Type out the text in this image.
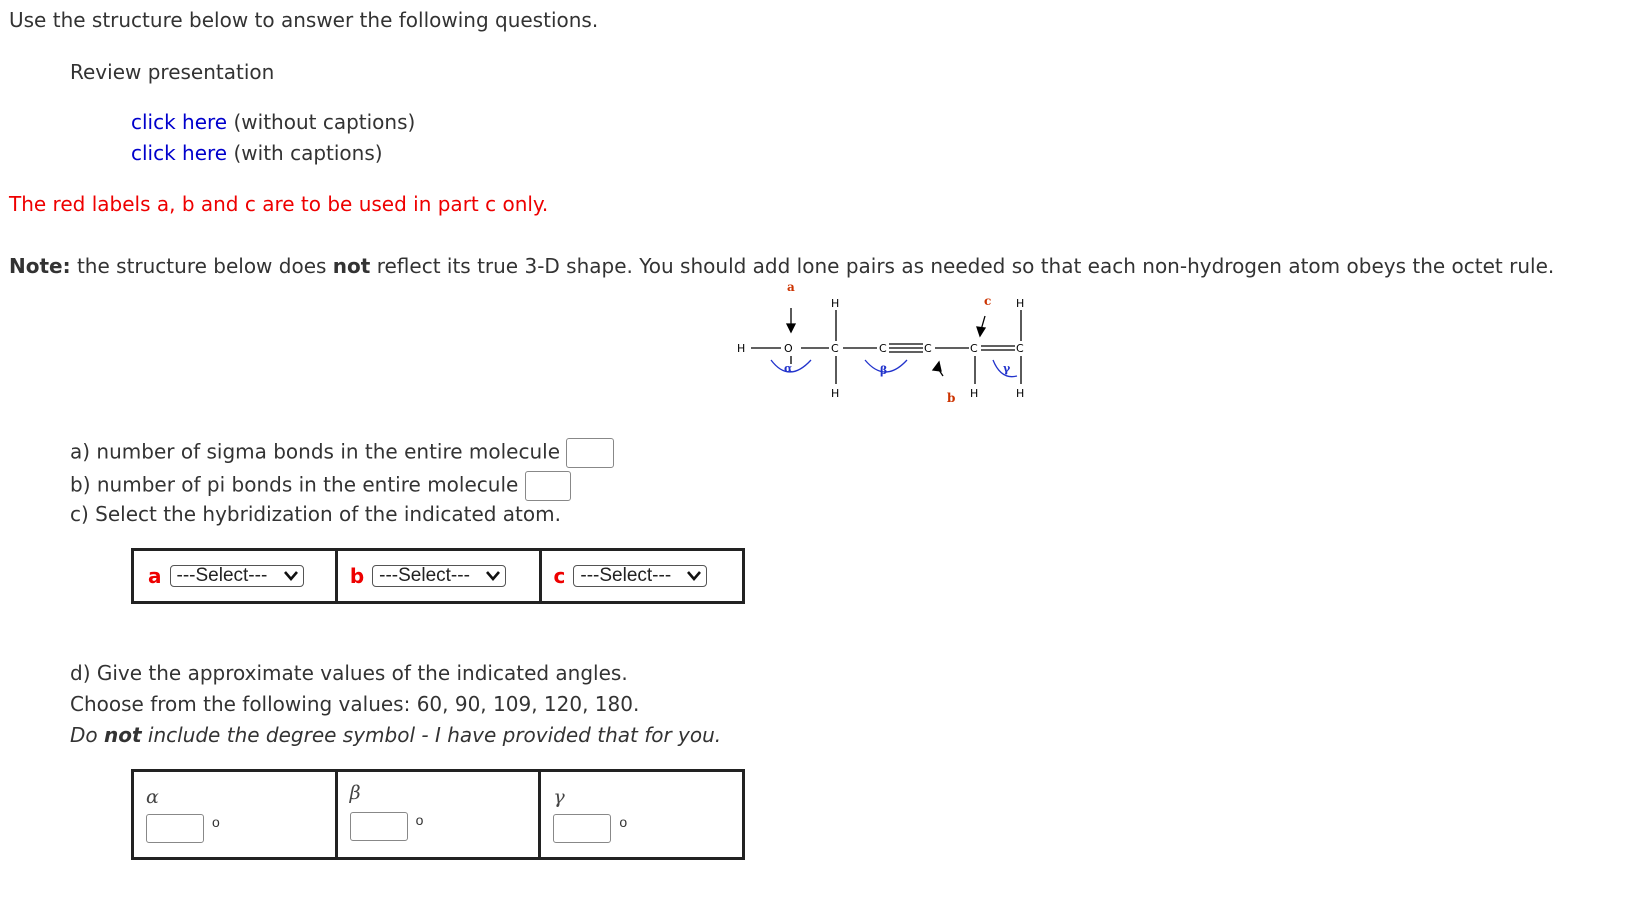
Use the structure below to answer the following questions.
Review presentation
click here (without captions)
click here (with captions)
The red labels a, b and c are to be used in part c only.
Note: the structure below does not reflect its true 3-D shape. You should add lone pairs as needed so that each non-hydrogen atom obeys the octet rule.
H	O	C	C	C	C	C
H
H	H
H
H
a
b
c
α	β	γ
a) number of sigma bonds in the entire molecule
b) number of pi bonds in the entire molecule
c) Select the hybridization of the indicated atom.
a ---Select---	b ---Select---	c ---Select---
d) Give the approximate values of the indicated angles.
Choose from the following values: 60, 90, 109, 120, 180.
Do not include the degree symbol - I have provided that for you.
α
o

β
o

γ
o
